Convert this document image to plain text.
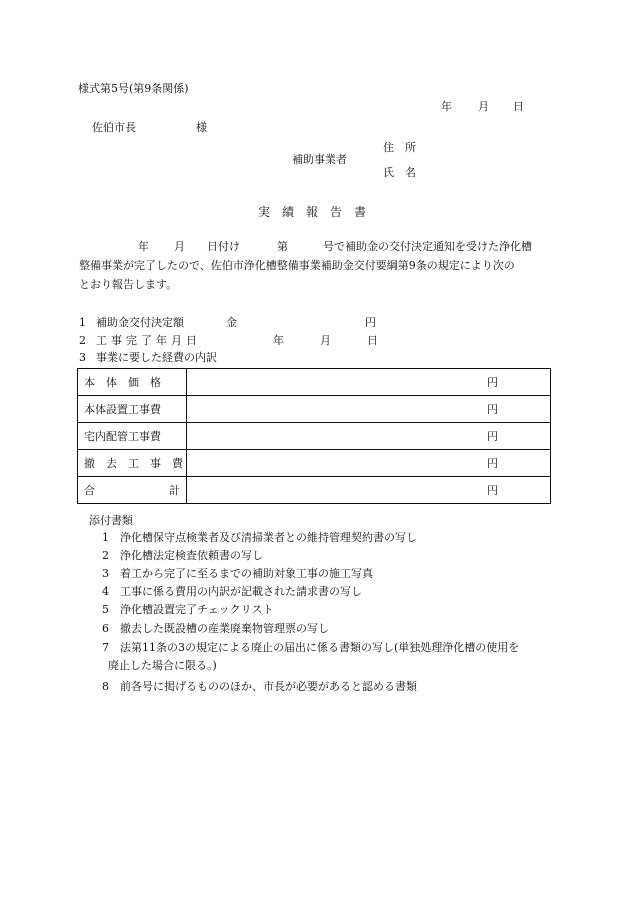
様式第5号(第9条関係)
年 月 日
佐伯市長	様
住　所
補助事業者
氏　名
実　績　報　告　書
年 月 日付け	第	号で補助金の交付決定通知を受けた浄化槽
整備事業が完了したので、佐伯市浄化槽整備事業補助金交付要綱第9条の規定により次の
とおり報告します。
1 補助金交付決定額	金	円
2 工事完了年月日	年	月	日
3 事業に要した経費の内訳
本　体　価　格	円
本体設置工事費	円
宅内配管工事費	円
撤　去　工　事　費	円

合 計	円
添付書類
1 浄化槽保守点検業者及び清掃業者との維持管理契約書の写し
2 浄化槽法定検査依頼書の写し
3 着工から完了に至るまでの補助対象工事の施工写真
4 工事に係る費用の内訳が記載された請求書の写し
5 浄化槽設置完了チェックリスト
6 撤去した既設槽の産業廃棄物管理票の写し
7 法第11条の3の規定による廃止の届出に係る書類の写し(単独処理浄化槽の使用を
廃止した場合に限る。)
8 前各号に掲げるもののほか、市長が必要があると認める書類
